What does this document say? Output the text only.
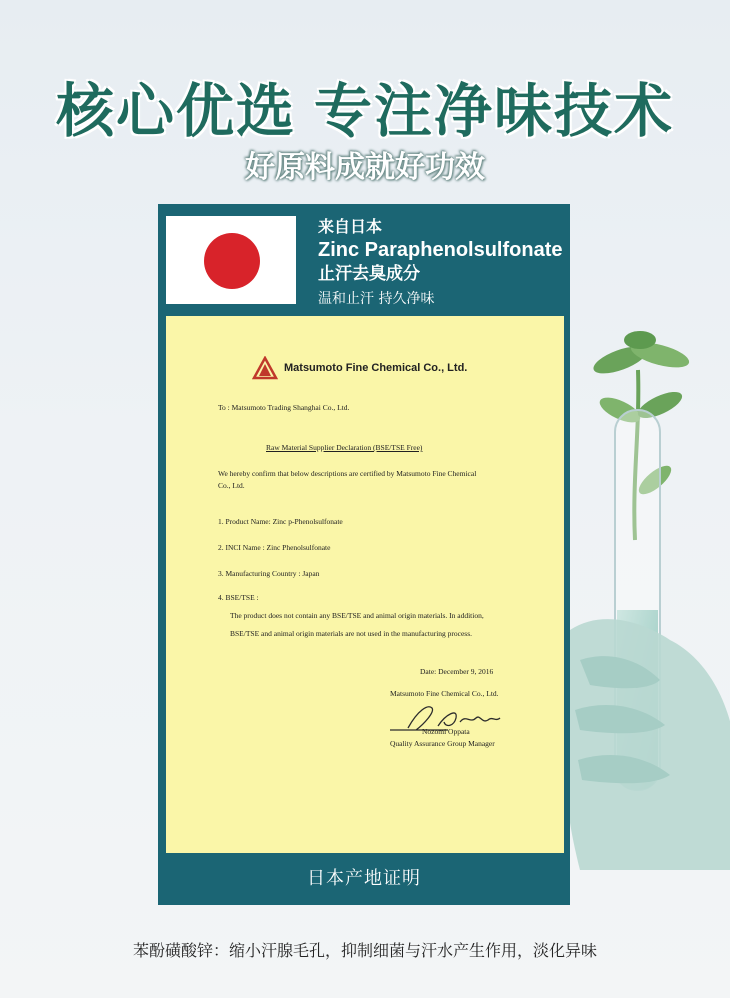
核心优选 专注净味技术
好原料成就好功效
来自日本
Zinc Paraphenolsulfonate
止汗去臭成分
温和止汗 持久净味
Matsumoto Fine Chemical Co., Ltd.
To : Matsumoto Trading Shanghai Co., Ltd.
Raw Material Supplier Declaration (BSE/TSE Free)
We hereby confirm that below descriptions are certified by Matsumoto Fine Chemical
Co., Ltd.
1. Product Name: Zinc p-Phenolsulfonate
2. INCI Name : Zinc Phenolsulfonate
3. Manufacturing Country : Japan
4. BSE/TSE :
The product does not contain any BSE/TSE and animal origin materials. In addition,
BSE/TSE and animal origin materials are not used in the manufacturing process.
Date: December 9, 2016
Matsumoto Fine Chemical Co., Ltd.
Nozomi Oppata
Quality Assurance Group Manager
日本产地证明
苯酚磺酸锌：缩小汗腺毛孔，抑制细菌与汗水产生作用，淡化异味
